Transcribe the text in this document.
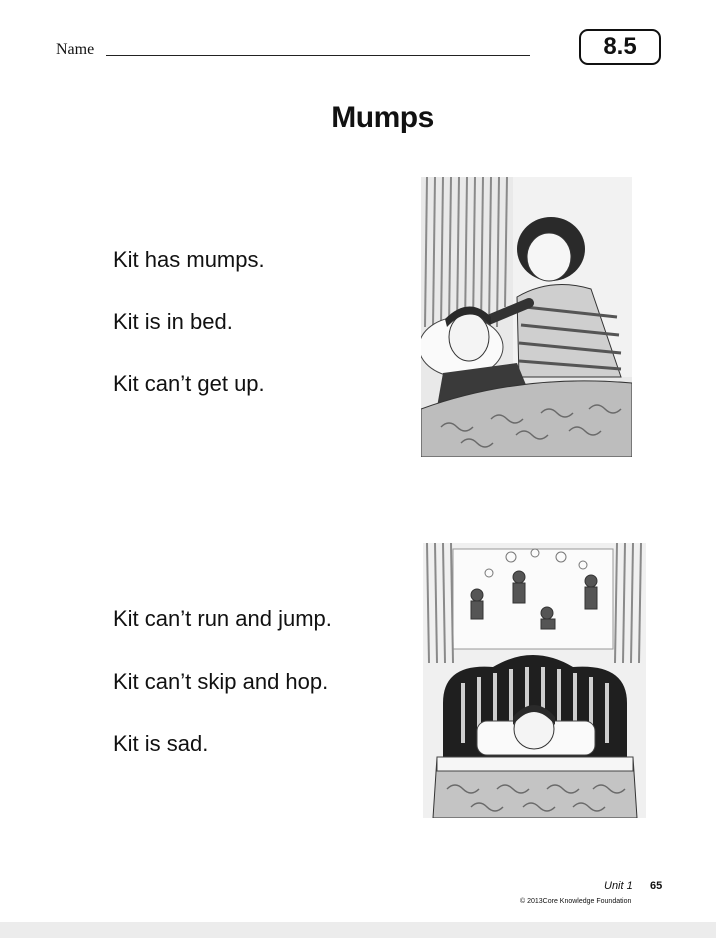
Name	8.5
Mumps
Kit has mumps.
Kit is in bed.
Kit can’t get up.
Kit can’t run and jump.
Kit can’t skip and hop.
Kit is sad.
Unit 1 65
© 2013Core Knowledge Foundation
